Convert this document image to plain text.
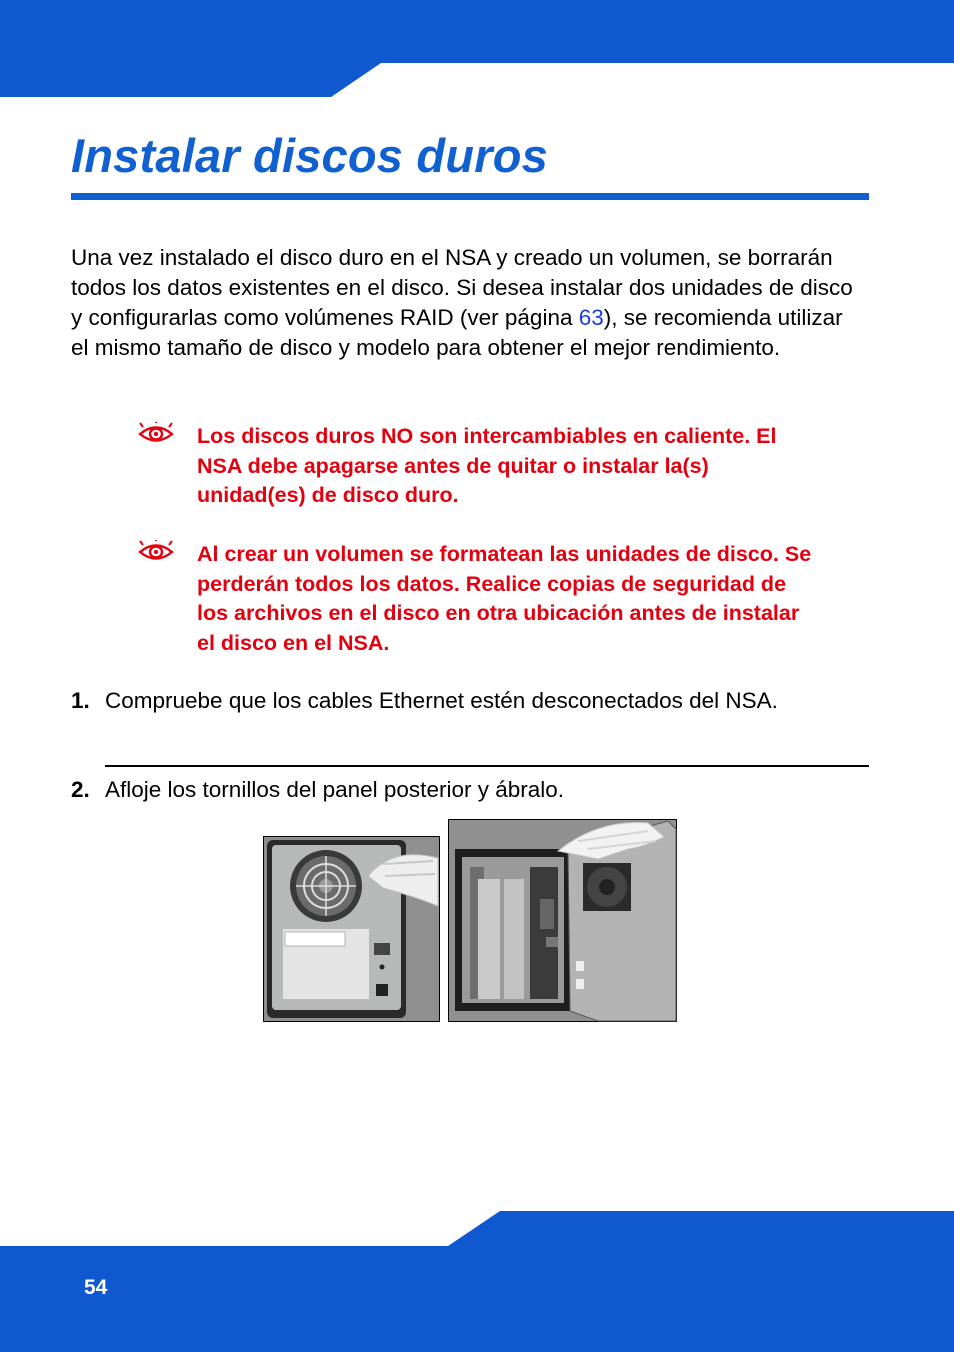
Instalar discos duros

Una vez instalado el disco duro en el NSA y creado un volumen, se borrarán todos los datos existentes en el disco. Si desea instalar dos unidades de disco y configurarlas como volúmenes RAID (ver página 63), se recomienda utilizar el mismo tamaño de disco y modelo para obtener el mejor rendimiento.

Los discos duros NO son intercambiables en caliente. El NSA debe apagarse antes de quitar o instalar la(s) unidad(es) de disco duro.

Al crear un volumen se formatean las unidades de disco. Se perderán todos los datos. Realice copias de seguridad de los archivos en el disco en otra ubicación antes de instalar el disco en el NSA.

1. Compruebe que los cables Ethernet estén desconectados del NSA.
2. Afloje los tornillos del panel posterior y ábralo.
54
